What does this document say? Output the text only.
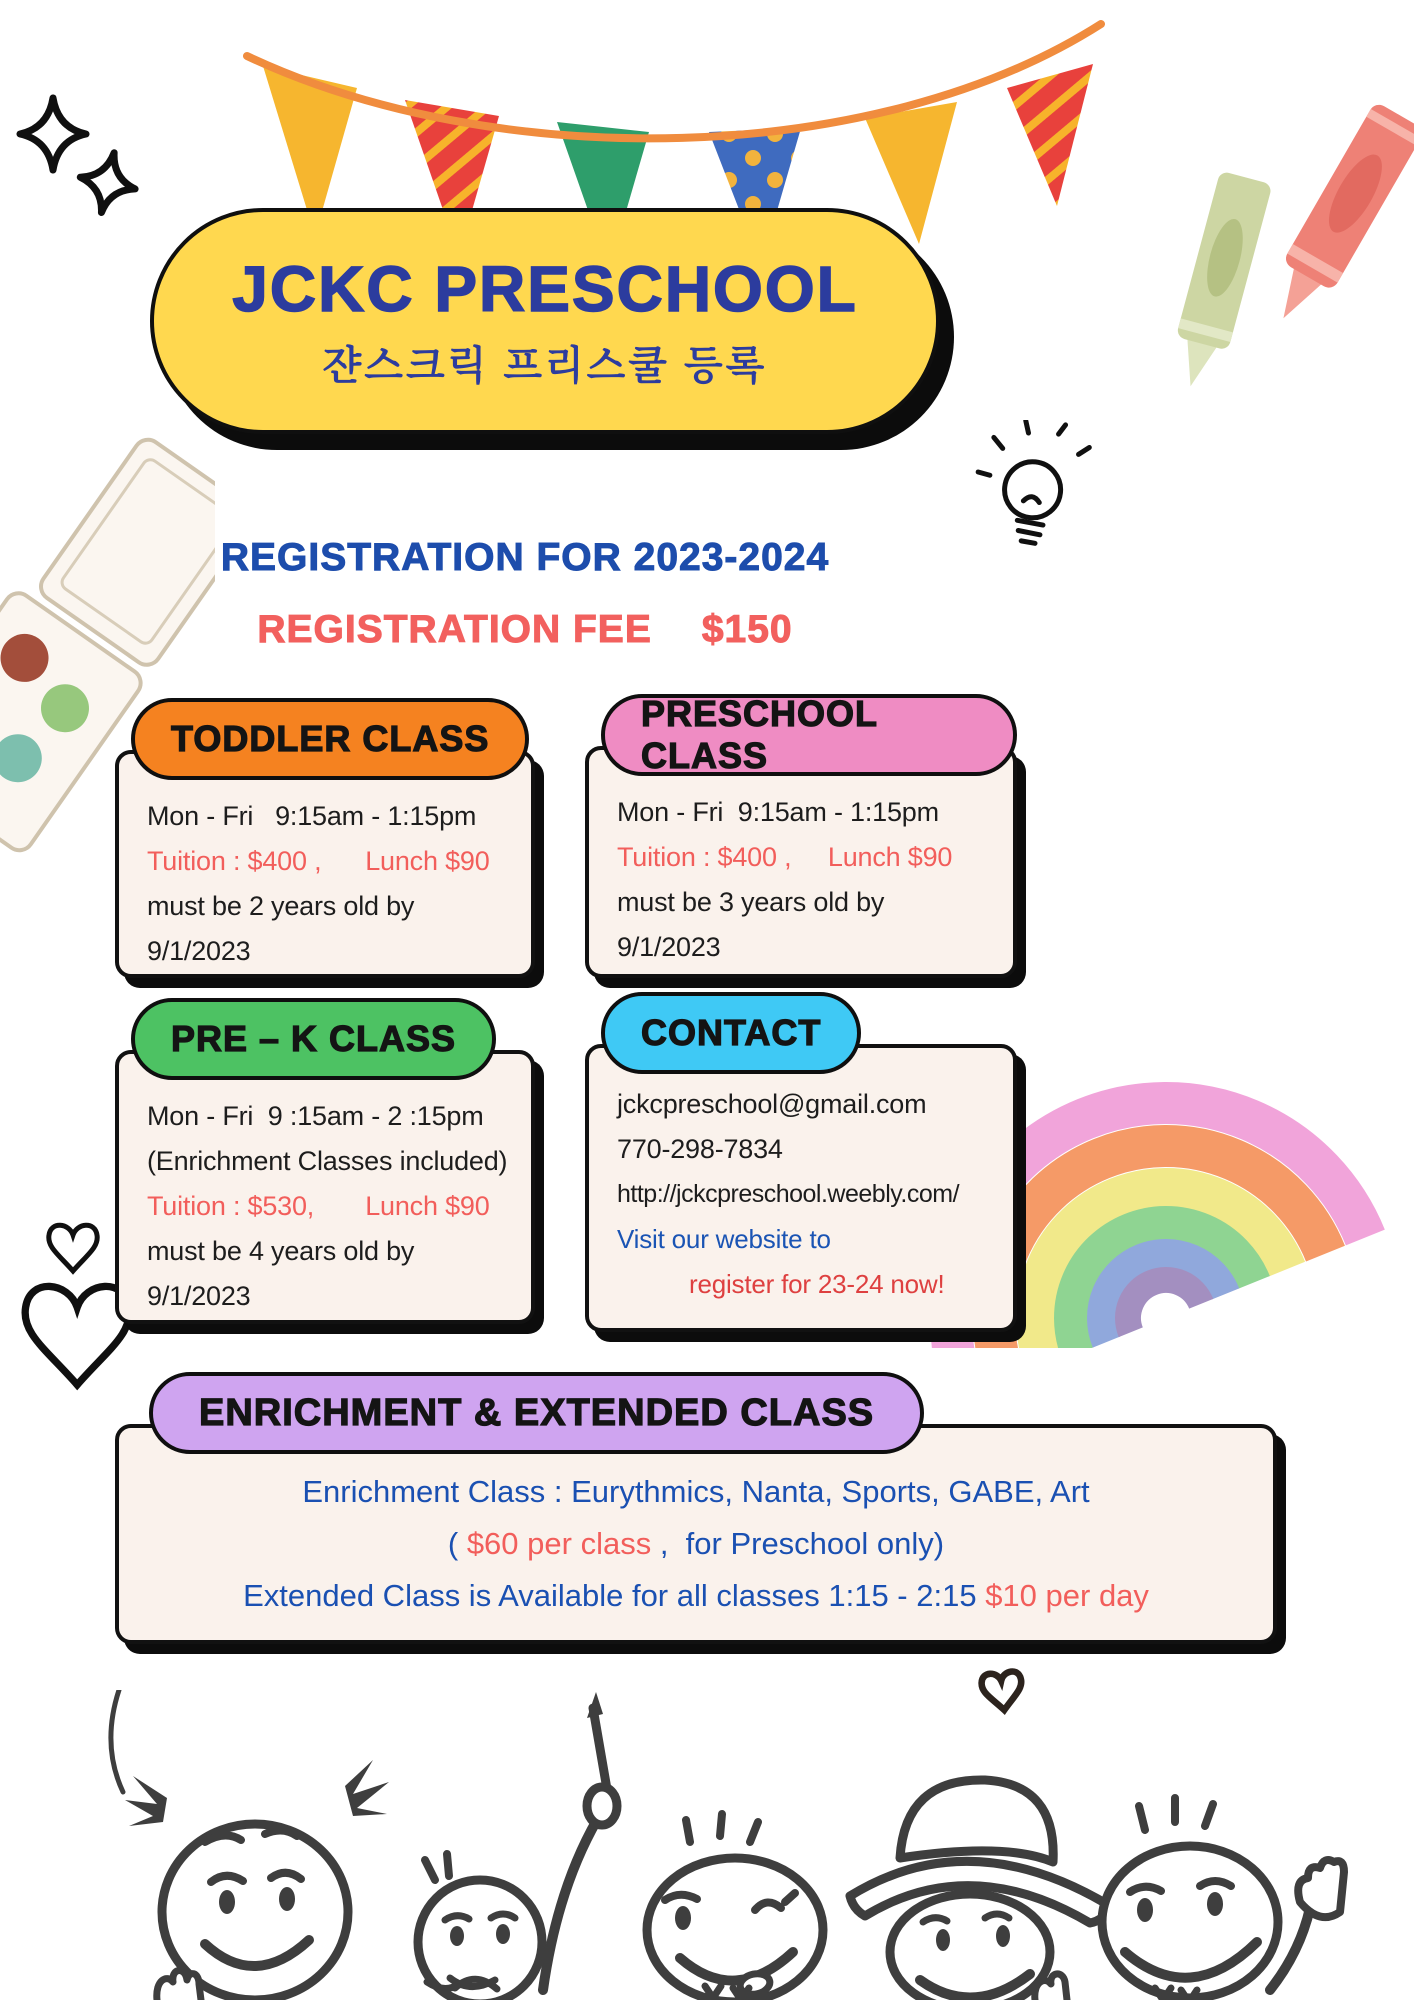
JCKC PRESCHOOL
쟌스크릭 프리스쿨 등록
REGISTRATION FOR 2023-2024
REGISTRATION FEE $150
TODDLER CLASS

Mon - Fri   9:15am - 1:15pm

Tuition : $400 ,      Lunch $90

must be 2 years old by 9/1/2023

PRESCHOOL CLASS

Mon - Fri  9:15am - 1:15pm

Tuition : $400 ,     Lunch $90

must be 3 years old by 9/1/2023

PRE – K CLASS

Mon - Fri  9 :15am - 2 :15pm

(Enrichment Classes included)

Tuition : $530,       Lunch $90

must be 4 years old by 9/1/2023

CONTACT

jckcpreschool@gmail.com

770-298-7834

http://jckcpreschool.weebly.com/

Visit our website to

register for 23-24 now!

ENRICHMENT & EXTENDED CLASS

Enrichment Class : Eurythmics, Nanta, Sports, GABE, Art

( $60 per class ,  for Preschool only)

Extended Class is Available for all classes 1:15 - 2:15 $10 per day
